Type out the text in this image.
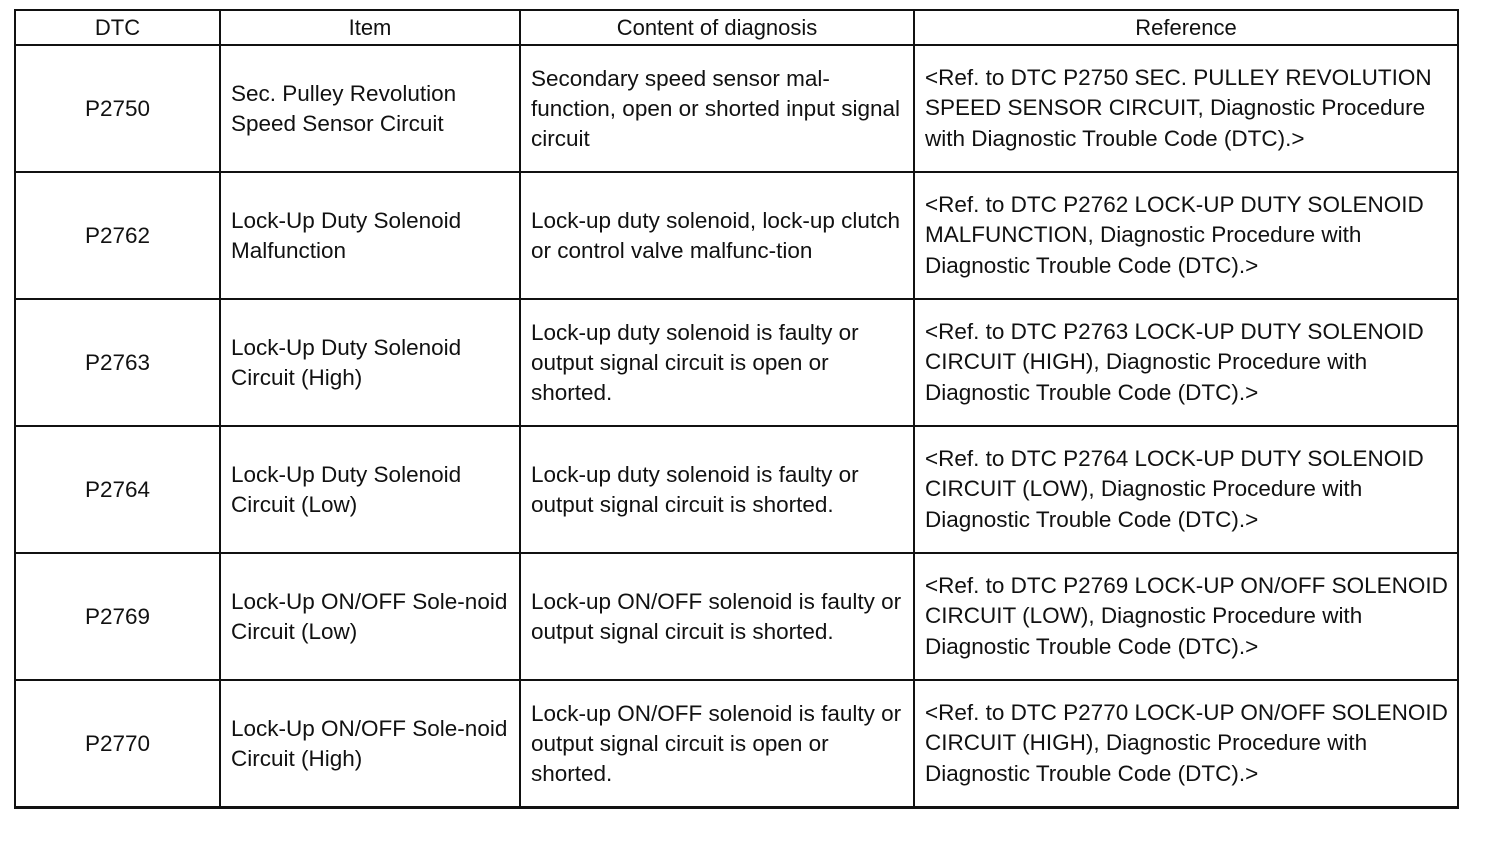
DTC	Item	Content of diagnosis	Reference
P2750	Sec. Pulley Revolution Speed Sensor Circuit	Secondary speed sensor mal-function, open or shorted input signal circuit	<Ref. to DTC P2750 SEC. PULLEY REVOLUTION SPEED SENSOR CIRCUIT, Diagnostic Procedure with Diagnostic Trouble Code (DTC).>
P2762	Lock-Up Duty Solenoid Malfunction	Lock-up duty solenoid, lock-up clutch or control valve malfunc-tion	<Ref. to DTC P2762 LOCK-UP DUTY SOLENOID MALFUNCTION, Diagnostic Procedure with Diagnostic Trouble Code (DTC).>
P2763	Lock-Up Duty Solenoid Circuit (High)	Lock-up duty solenoid is faulty or output signal circuit is open or shorted.	<Ref. to DTC P2763 LOCK-UP DUTY SOLENOID CIRCUIT (HIGH), Diagnostic Procedure with Diagnostic Trouble Code (DTC).>
P2764	Lock-Up Duty Solenoid Circuit (Low)	Lock-up duty solenoid is faulty or output signal circuit is shorted.	<Ref. to DTC P2764 LOCK-UP DUTY SOLENOID CIRCUIT (LOW), Diagnostic Procedure with Diagnostic Trouble Code (DTC).>
P2769	Lock-Up ON/OFF Sole-noid Circuit (Low)	Lock-up ON/OFF solenoid is faulty or output signal circuit is shorted.	<Ref. to DTC P2769 LOCK-UP ON/OFF SOLENOID CIRCUIT (LOW), Diagnostic Procedure with Diagnostic Trouble Code (DTC).>
P2770	Lock-Up ON/OFF Sole-noid Circuit (High)	Lock-up ON/OFF solenoid is faulty or output signal circuit is open or shorted.	<Ref. to DTC P2770 LOCK-UP ON/OFF SOLENOID CIRCUIT (HIGH), Diagnostic Procedure with Diagnostic Trouble Code (DTC).>
